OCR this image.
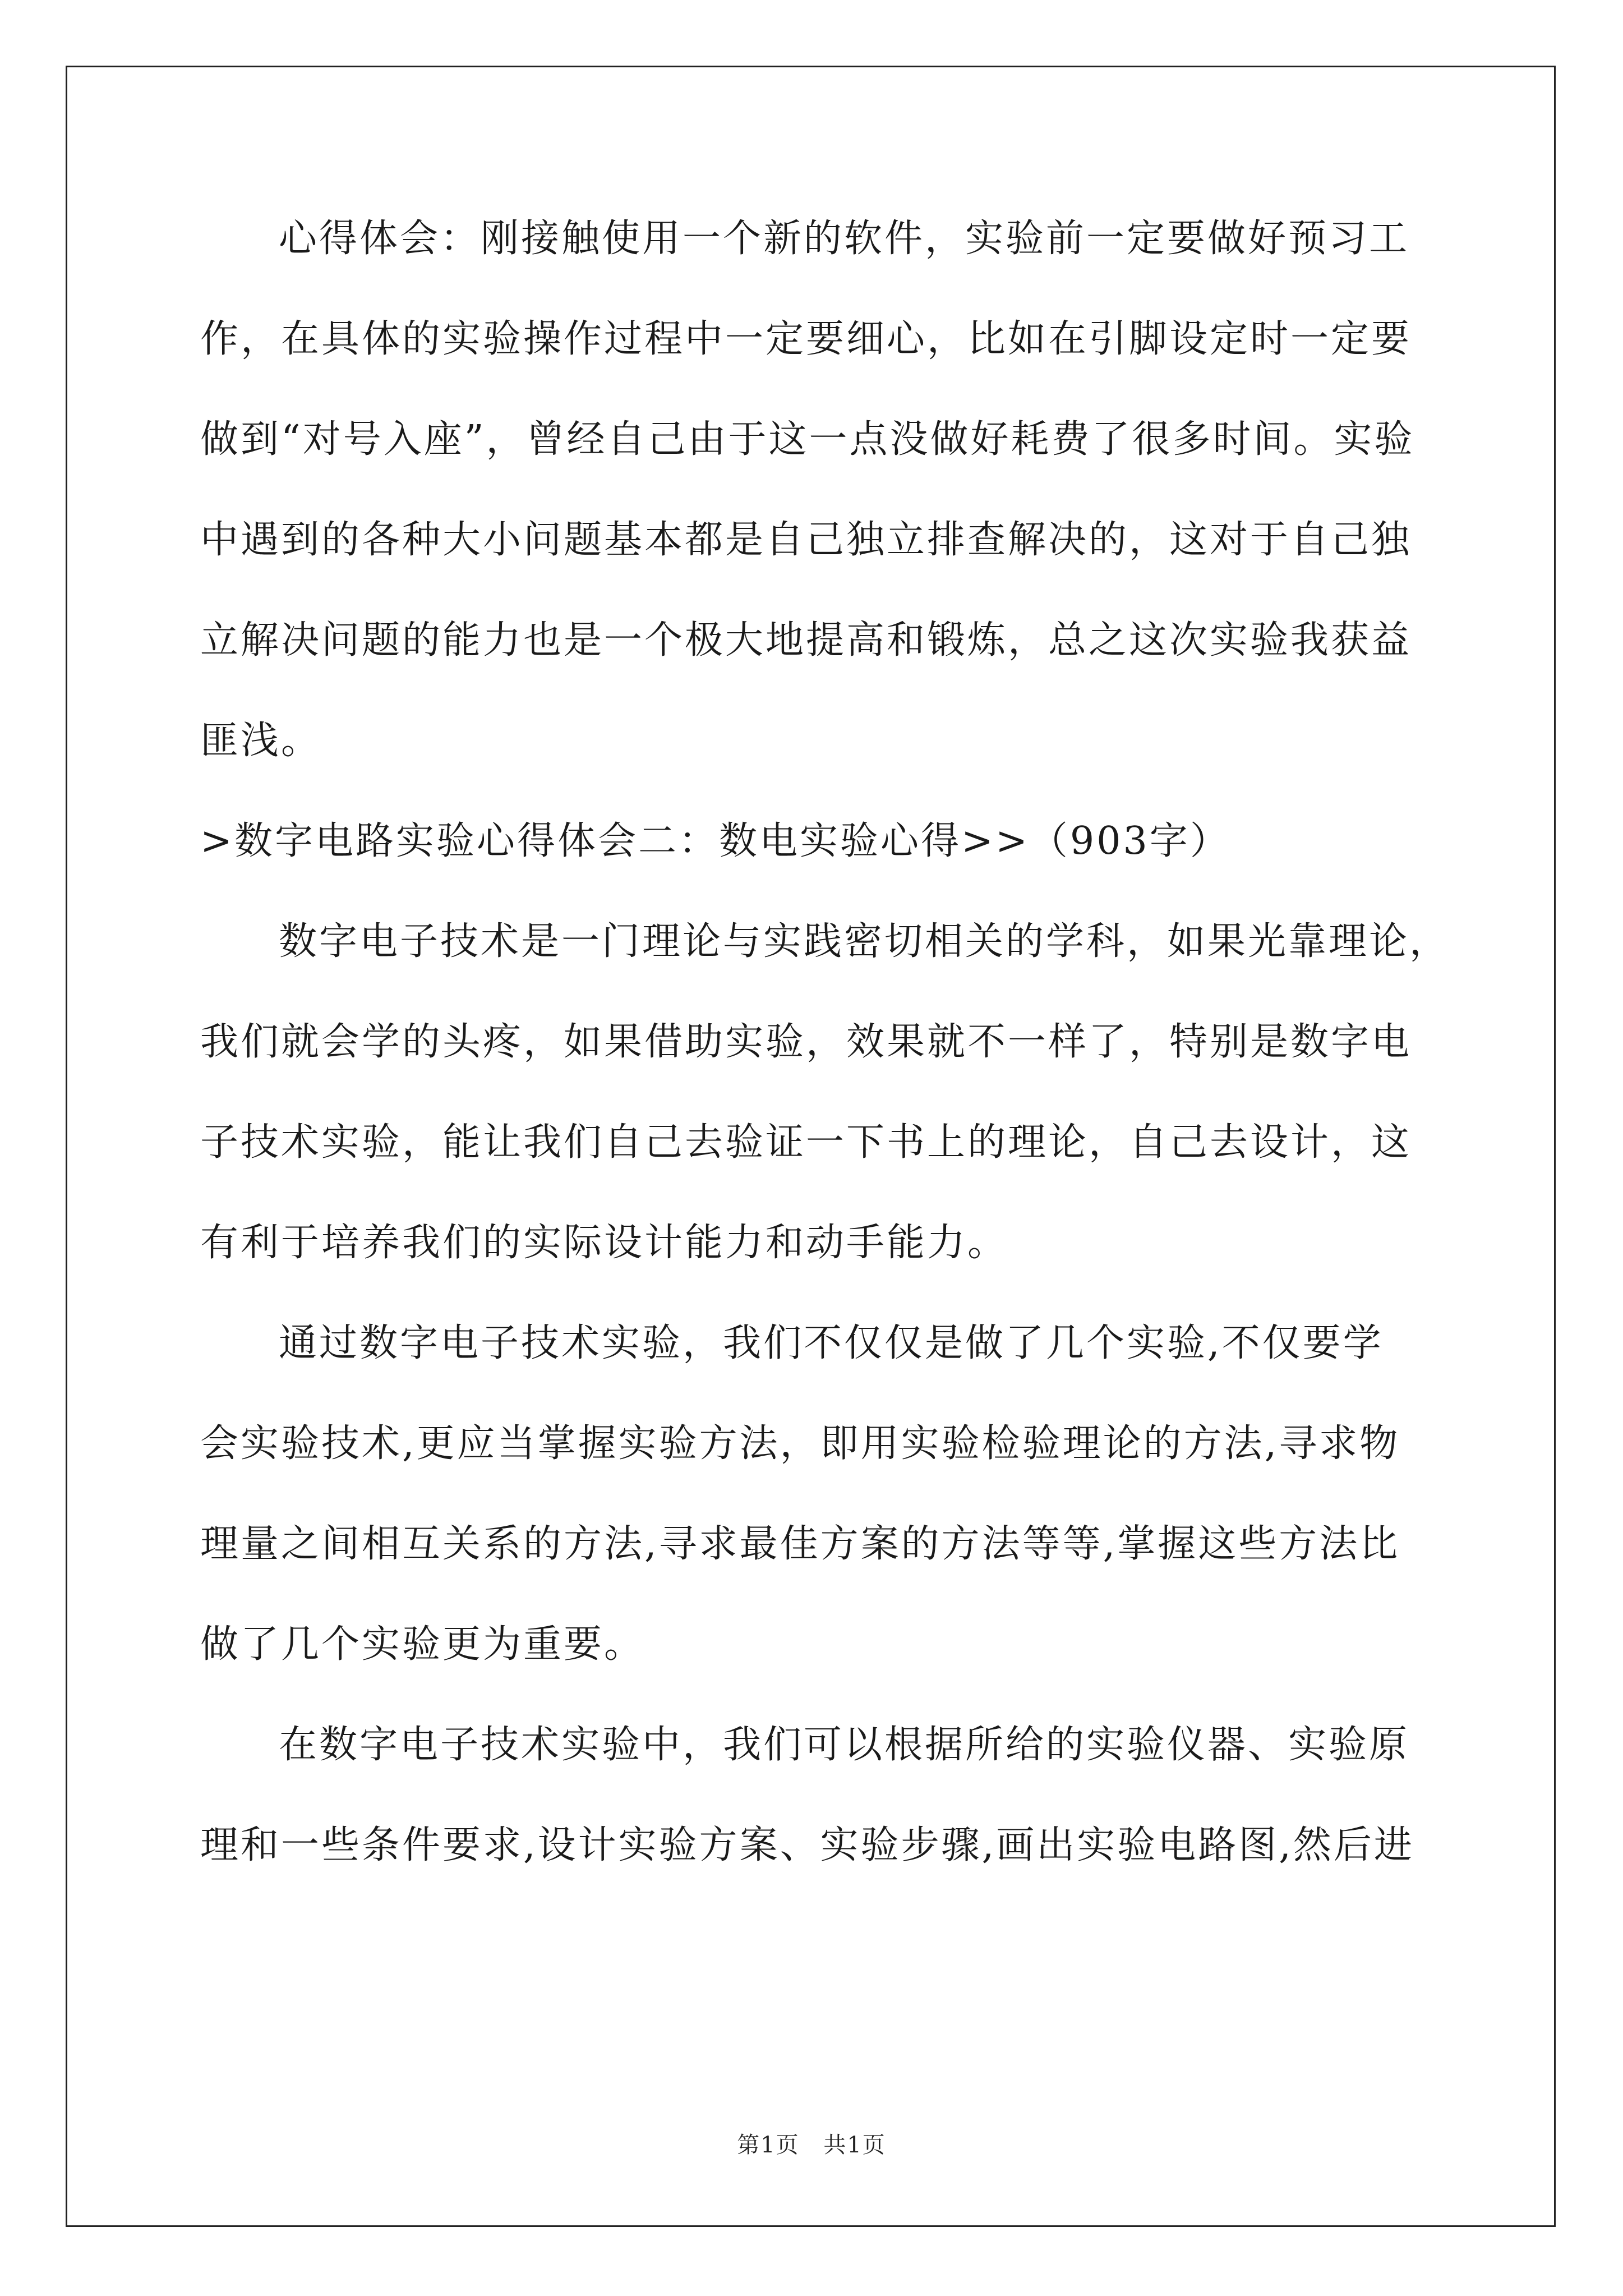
心得体会：刚接触使用一个新的软件，实验前一定要做好预习工
作，在具体的实验操作过程中一定要细心，比如在引脚设定时一定要
做到“对号入座”，曾经自己由于这一点没做好耗费了很多时间。实验
中遇到的各种大小问题基本都是自己独立排查解决的，这对于自己独
立解决问题的能力也是一个极大地提高和锻炼，总之这次实验我获益
匪浅。
>数字电路实验心得体会二：数电实验心得>>（903字）
数字电子技术是一门理论与实践密切相关的学科，如果光靠理论，
我们就会学的头疼，如果借助实验，效果就不一样了，特别是数字电
子技术实验，能让我们自己去验证一下书上的理论，自己去设计，这
有利于培养我们的实际设计能力和动手能力。
通过数字电子技术实验，我们不仅仅是做了几个实验,不仅要学
会实验技术,更应当掌握实验方法，即用实验检验理论的方法,寻求物
理量之间相互关系的方法,寻求最佳方案的方法等等,掌握这些方法比
做了几个实验更为重要。
在数字电子技术实验中，我们可以根据所给的实验仪器、实验原
理和一些条件要求,设计实验方案、实验步骤,画出实验电路图,然后进
第1页 共1页
